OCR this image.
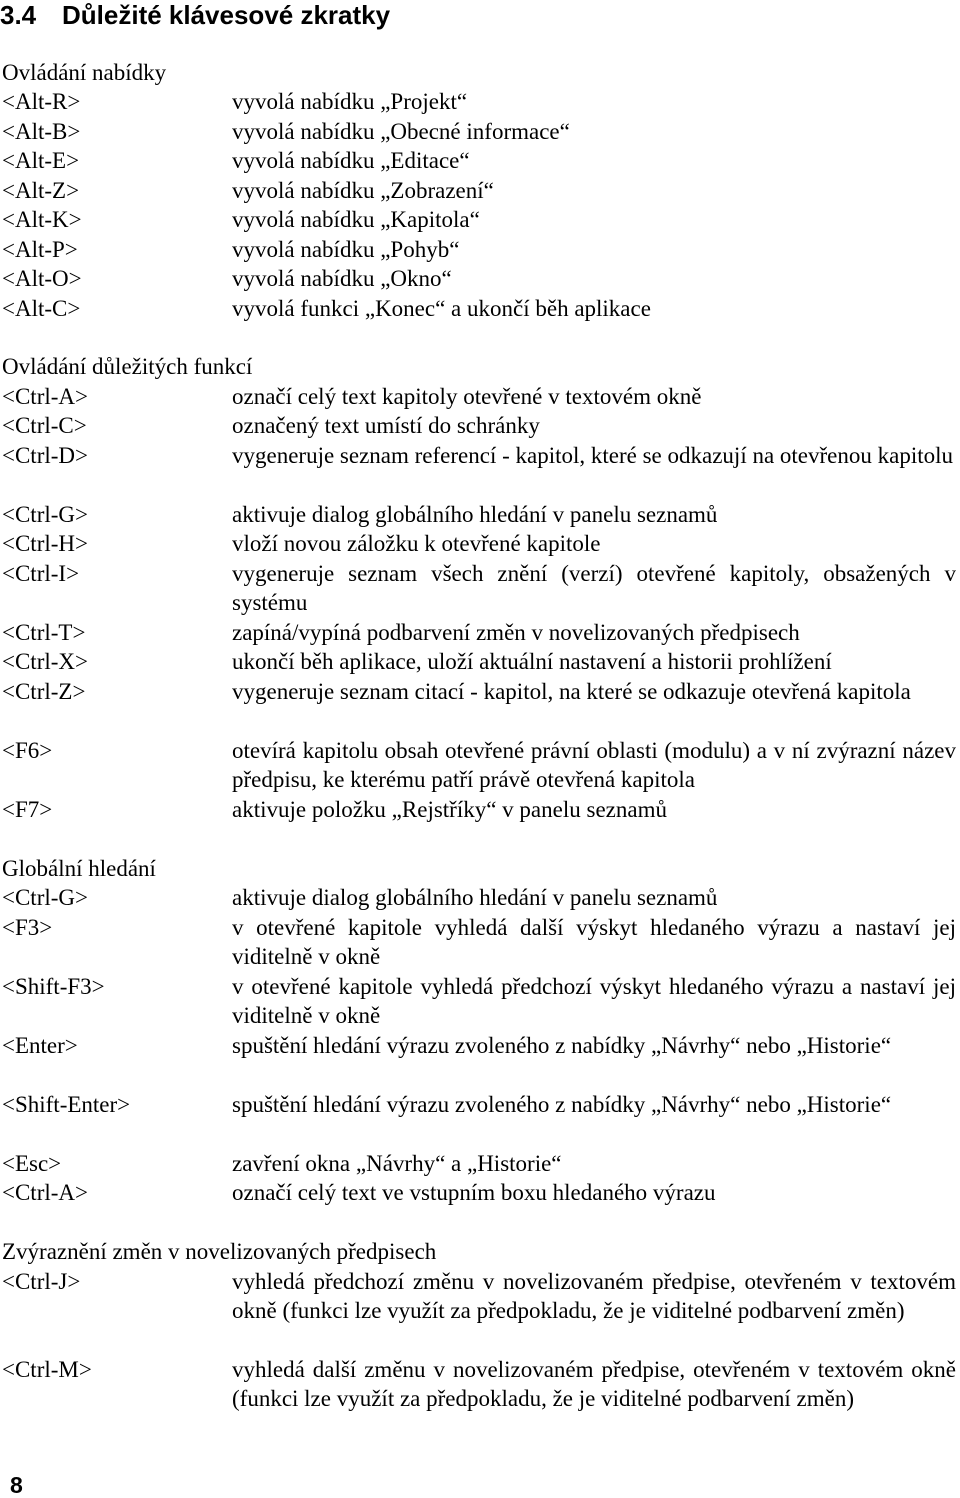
3.4 Důležité klávesové zkratky
Ovládání nabídky
<Alt-R>	vyvolá nabídku „Projekt“
<Alt-B>	vyvolá nabídku „Obecné informace“
<Alt-E>	vyvolá nabídku „Editace“
<Alt-Z>	vyvolá nabídku „Zobrazení“
<Alt-K>	vyvolá nabídku „Kapitola“
<Alt-P>	vyvolá nabídku „Pohyb“
<Alt-O>	vyvolá nabídku „Okno“
<Alt-C>	vyvolá funkci „Konec“ a ukončí běh aplikace
Ovládání důležitých funkcí
<Ctrl-A>	označí celý text kapitoly otevřené v textovém okně
<Ctrl-C>	označený text umístí do schránky
<Ctrl-D>	vygeneruje seznam referencí - kapitol, které se odkazují na otevřenou kapitolu
<Ctrl-G>	aktivuje dialog globálního hledání v panelu seznamů
<Ctrl-H>	vloží novou záložku k otevřené kapitole
<Ctrl-I>	vygeneruje seznam všech znění (verzí) otevřené kapitoly, obsažených v systému
<Ctrl-T>	zapíná/vypíná podbarvení změn v novelizovaných předpisech
<Ctrl-X>	ukončí běh aplikace, uloží aktuální nastavení a historii prohlížení
<Ctrl-Z>	vygeneruje seznam citací - kapitol, na které se odkazuje otevřená kapitola
<F6>	otevírá kapitolu obsah otevřené právní oblasti (modulu) a v ní zvýrazní název předpisu, ke kterému patří právě otevřená kapitola
<F7>	aktivuje položku „Rejstříky“ v panelu seznamů
Globální hledání
<Ctrl-G>	aktivuje dialog globálního hledání v panelu seznamů
<F3>	v otevřené kapitole vyhledá další výskyt hledaného výrazu a nastaví jej viditelně v okně
<Shift-F3>	v otevřené kapitole vyhledá předchozí výskyt hledaného výrazu a nastaví jej viditelně v okně
<Enter>	spuštění hledání výrazu zvoleného z nabídky „Návrhy“ nebo „Historie“
<Shift-Enter>	spuštění hledání výrazu zvoleného z nabídky „Návrhy“ nebo „Historie“
<Esc>	zavření okna „Návrhy“ a „Historie“
<Ctrl-A>	označí celý text ve vstupním boxu hledaného výrazu
Zvýraznění změn v novelizovaných předpisech
<Ctrl-J>	vyhledá předchozí změnu v novelizovaném předpise, otevřeném v textovém okně (funkci lze využít za předpokladu, že je viditelné podbarvení změn)
<Ctrl-M>	vyhledá další změnu v novelizovaném předpise, otevřeném v textovém okně (funkci lze využít za předpokladu, že je viditelné podbarvení změn)
8
